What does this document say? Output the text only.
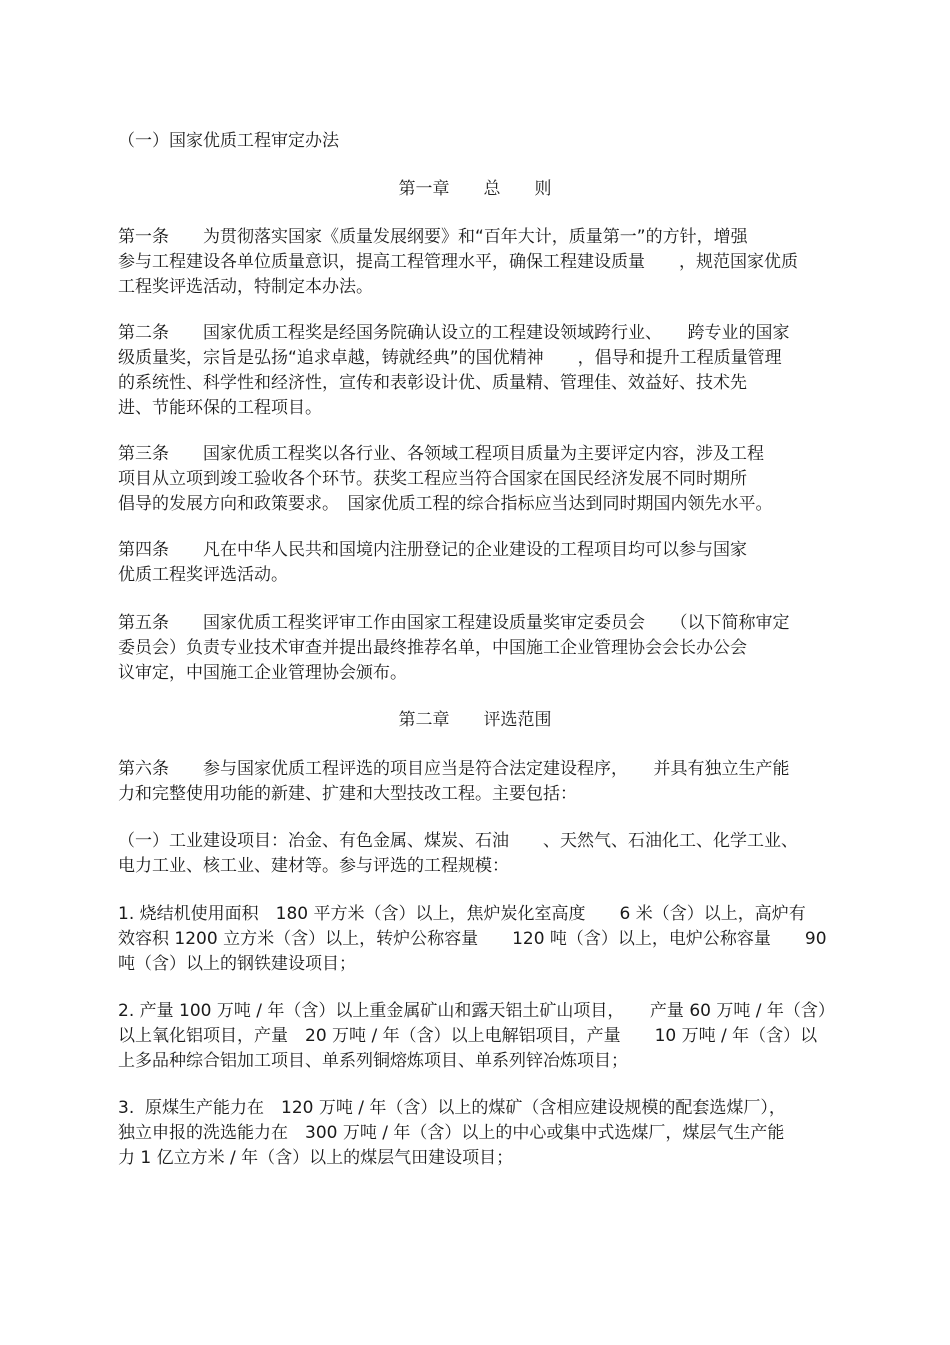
（一）国家优质工程审定办法
第一章　　总　　则
第一条　　为贯彻落实国家《质量发展纲要》和“百年大计，质量第一”的方针，增强
参与工程建设各单位质量意识，提高工程管理水平，确保工程建设质量　　，规范国家优质
工程奖评选活动，特制定本办法。
第二条　　国家优质工程奖是经国务院确认设立的工程建设领域跨行业、　　跨专业的国家
级质量奖，宗旨是弘扬“追求卓越，铸就经典”的国优精神　　，倡导和提升工程质量管理
的系统性、科学性和经济性，宣传和表彰设计优、质量精、管理佳、效益好、技术先
进、节能环保的工程项目。
第三条　　国家优质工程奖以各行业、各领域工程项目质量为主要评定内容，涉及工程
项目从立项到竣工验收各个环节。获奖工程应当符合国家在国民经济发展不同时期所
倡导的发展方向和政策要求。　国家优质工程的综合指标应当达到同时期国内领先水平。
第四条　　凡在中华人民共和国境内注册登记的企业建设的工程项目均可以参与国家
优质工程奖评选活动。
第五条　　国家优质工程奖评审工作由国家工程建设质量奖审定委员会　　（以下简称审定
委员会）负责专业技术审查并提出最终推荐名单，中国施工企业管理协会会长办公会
议审定，中国施工企业管理协会颁布。
第二章　　评选范围
第六条　　参与国家优质工程评选的项目应当是符合法定建设程序，　　并具有独立生产能
力和完整使用功能的新建、扩建和大型技改工程。主要包括：
（一）工业建设项目：冶金、有色金属、煤炭、石油　　、天然气、石油化工、化学工业、
电力工业、核工业、建材等。参与评选的工程规模：
1. 烧结机使用面积　180 平方米（含）以上，焦炉炭化室高度　　6 米（含）以上，高炉有
效容积 1200 立方米（含）以上，转炉公称容量　　120 吨（含）以上，电炉公称容量　　90
吨（含）以上的钢铁建设项目；
2. 产量 100 万吨 / 年（含）以上重金属矿山和露天铝土矿山项目，　　产量 60 万吨 / 年（含）
以上氧化铝项目，产量　20 万吨 / 年（含）以上电解铝项目，产量　　10 万吨 / 年（含）以
上多品种综合铝加工项目、单系列铜熔炼项目、单系列锌冶炼项目；
3.  原煤生产能力在　120 万吨 / 年（含）以上的煤矿（含相应建设规模的配套选煤厂），
独立申报的洗选能力在　300 万吨 / 年（含）以上的中心或集中式选煤厂，煤层气生产能
力 1 亿立方米 / 年（含）以上的煤层气田建设项目；
